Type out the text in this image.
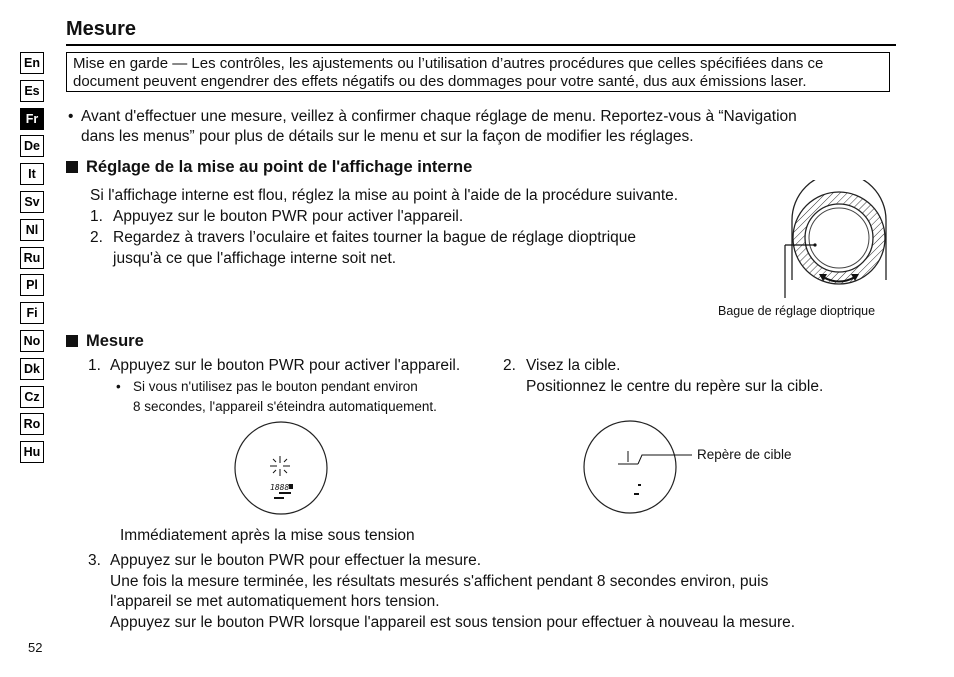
Mesure
En
Es
Fr
De
It
Sv
Nl
Ru
Pl
Fi
No
Dk
Cz
Ro
Hu
Mise en garde — Les contrôles, les ajustements ou l’utilisation d’autres procédures que celles spécifiées dans ce
document peuvent engendrer des effets négatifs ou des dommages pour votre santé, dus aux émissions laser.
• Avant d'effectuer une mesure, veillez à confirmer chaque réglage de menu. Reportez-vous à “Navigation
dans les menus” pour plus de détails sur le menu et sur la façon de modifier les réglages.
Réglage de la mise au point de l'affichage interne
Si l'affichage interne est flou, réglez la mise au point à l'aide de la procédure suivante.
1. Appuyez sur le bouton PWR pour activer l'appareil.
2. Regardez à travers l’oculaire et faites tourner la bague de réglage dioptrique
jusqu'à ce que l'affichage interne soit net.
Bague de réglage dioptrique
Mesure
1. Appuyez sur le bouton PWR pour activer l'appareil.
• Si vous n'utilisez pas le bouton pendant environ
8 secondes, l'appareil s'éteindra automatiquement.
2. Visez la cible.
Positionnez le centre du repère sur la cible.
1888
Immédiatement après la mise sous tension
Repère de cible
3. Appuyez sur le bouton PWR pour effectuer la mesure.
Une fois la mesure terminée, les résultats mesurés s'affichent pendant 8 secondes environ, puis
l'appareil se met automatiquement hors tension.
Appuyez sur le bouton PWR lorsque l'appareil est sous tension pour effectuer à nouveau la mesure.
52
